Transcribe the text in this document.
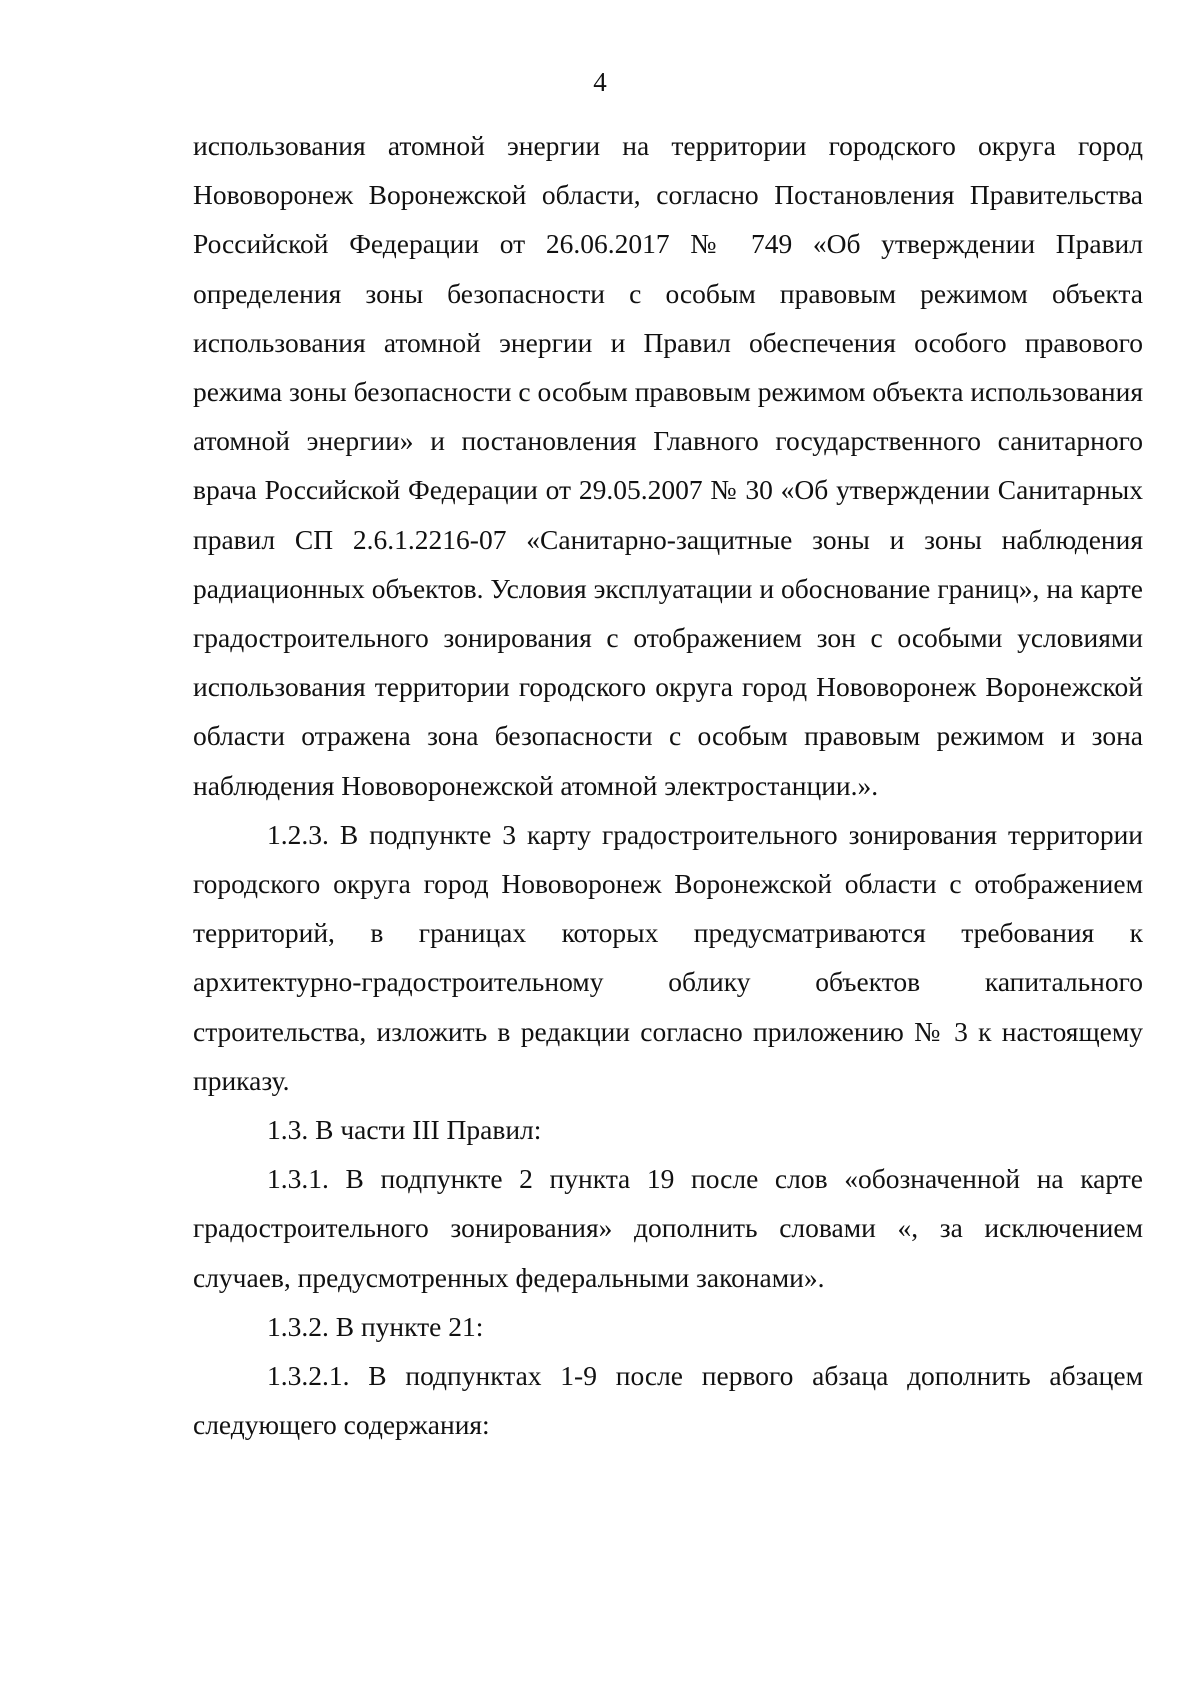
4

использования атомной энергии на территории городского округа город Нововоронеж Воронежской области, согласно Постановления Правительства Российской Федерации от 26.06.2017 № 749 «Об утверждении Правил определения зоны безопасности с особым правовым режимом объекта использования атомной энергии и Правил обеспечения особого правового режима зоны безопасности с особым правовым режимом объекта использования атомной энергии» и постановления Главного государственного санитарного врача Российской Федерации от 29.05.2007 № 30 «Об утверждении Санитарных правил СП 2.6.1.2216-07 «Санитарно-защитные зоны и зоны наблюдения радиационных объектов. Условия эксплуатации и обоснование границ», на карте градостроительного зонирования с отображением зон с особыми условиями использования территории городского округа город Нововоронеж Воронежской области отражена зона безопасности с особым правовым режимом и зона наблюдения Нововоронежской атомной электростанции.».

1.2.3. В подпункте 3 карту градостроительного зонирования территории городского округа город Нововоронеж Воронежской области с отображением территорий, в границах которых предусматриваются требования к архитектурно-градостроительному облику объектов капитального строительства, изложить в редакции согласно приложению № 3 к настоящему приказу.

1.3. В части III Правил:

1.3.1. В подпункте 2 пункта 19 после слов «обозначенной на карте градостроительного зонирования» дополнить словами «, за исключением случаев, предусмотренных федеральными законами».

1.3.2. В пункте 21:

1.3.2.1. В подпунктах 1-9 после первого абзаца дополнить абзацем следующего содержания:
